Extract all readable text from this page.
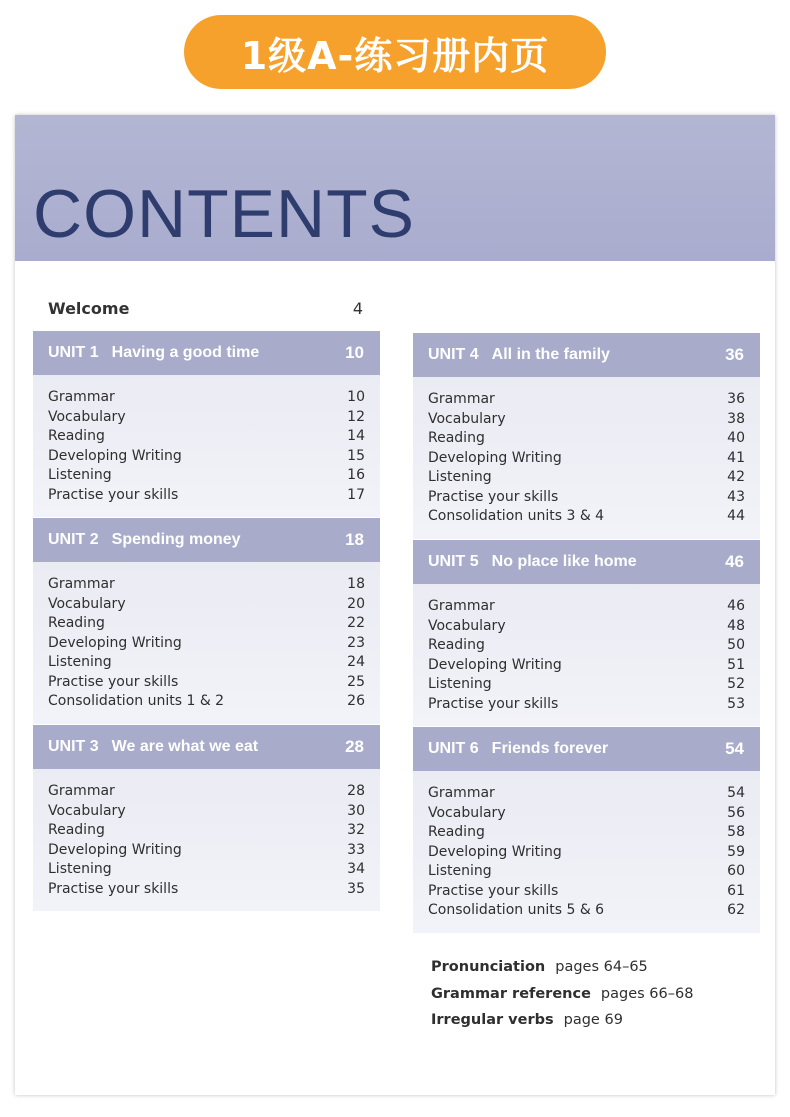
1级A-练习册内页
CONTENTS
Welcome	4
UNIT 1 Having a good time	10
Grammar	10
Vocabulary	12
Reading	14
Developing Writing	15
Listening	16
Practise your skills	17
UNIT 2 Spending money	18
Grammar	18
Vocabulary	20
Reading	22
Developing Writing	23
Listening	24
Practise your skills	25
Consolidation units 1 & 2	26
UNIT 3 We are what we eat	28
Grammar	28
Vocabulary	30
Reading	32
Developing Writing	33
Listening	34
Practise your skills	35
UNIT 4 All in the family	36
Grammar	36
Vocabulary	38
Reading	40
Developing Writing	41
Listening	42
Practise your skills	43
Consolidation units 3 & 4	44
UNIT 5 No place like home	46
Grammar	46
Vocabulary	48
Reading	50
Developing Writing	51
Listening	52
Practise your skills	53
UNIT 6 Friends forever	54
Grammar	54
Vocabulary	56
Reading	58
Developing Writing	59
Listening	60
Practise your skills	61
Consolidation units 5 & 6	62
Pronunciation pages 64–65
Grammar reference pages 66–68
Irregular verbs page 69
